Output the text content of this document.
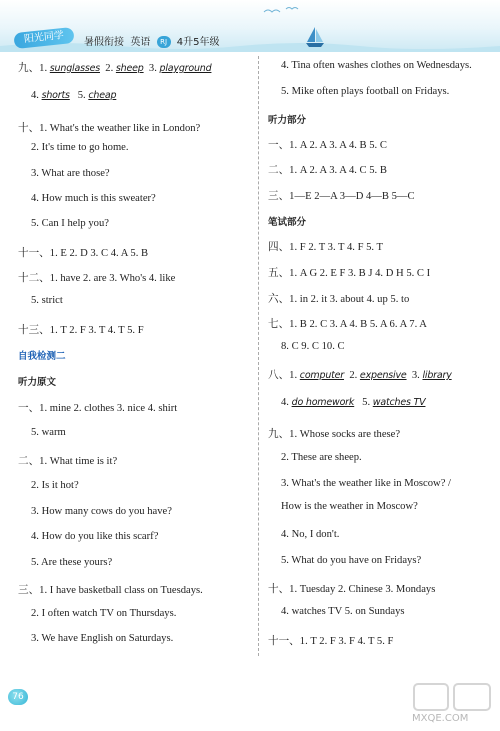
阳光同学	暑假衔接 英语 RJ 4升5年级
九、1. sunglasses 2. sheep 3. playground
4. shorts 5. cheap
十、1. What's the weather like in London?
2. It's time to go home.
3. What are those?
4. How much is this sweater?
5. Can I help you?
十一、1. E 2. D 3. C 4. A 5. B
十二、1. have 2. are 3. Who's 4. like
5. strict
十三、1. T 2. F 3. T 4. T 5. F
自我检测二
听力原文
一、1. mine 2. clothes 3. nice 4. shirt
5. warm
二、1. What time is it?
2. Is it hot?
3. How many cows do you have?
4. How do you like this scarf?
5. Are these yours?
三、1. I have basketball class on Tuesdays.
2. I often watch TV on Thursdays.
3. We have English on Saturdays.
4. Tina often washes clothes on Wednesdays.
5. Mike often plays football on Fridays.
听力部分
一、1. A 2. A 3. A 4. B 5. C
二、1. A 2. A 3. A 4. C 5. B
三、1—E 2—A 3—D 4—B 5—C
笔试部分
四、1. F 2. T 3. T 4. F 5. T
五、1. A G 2. E F 3. B J 4. D H 5. C I
六、1. in 2. it 3. about 4. up 5. to
七、1. B 2. C 3. A 4. B 5. A 6. A 7. A
8. C 9. C 10. C
八、1. computer 2. expensive 3. library
4. do homework 5. watches TV
九、1. Whose socks are these?
2. These are sheep.
3. What's the weather like in Moscow? /
How is the weather in Moscow?
4. No, I don't.
5. What do you have on Fridays?
十、1. Tuesday 2. Chinese 3. Mondays
4. watches TV 5. on Sundays
十一、1. T 2. F 3. F 4. T 5. F
76
MXQE.COM
